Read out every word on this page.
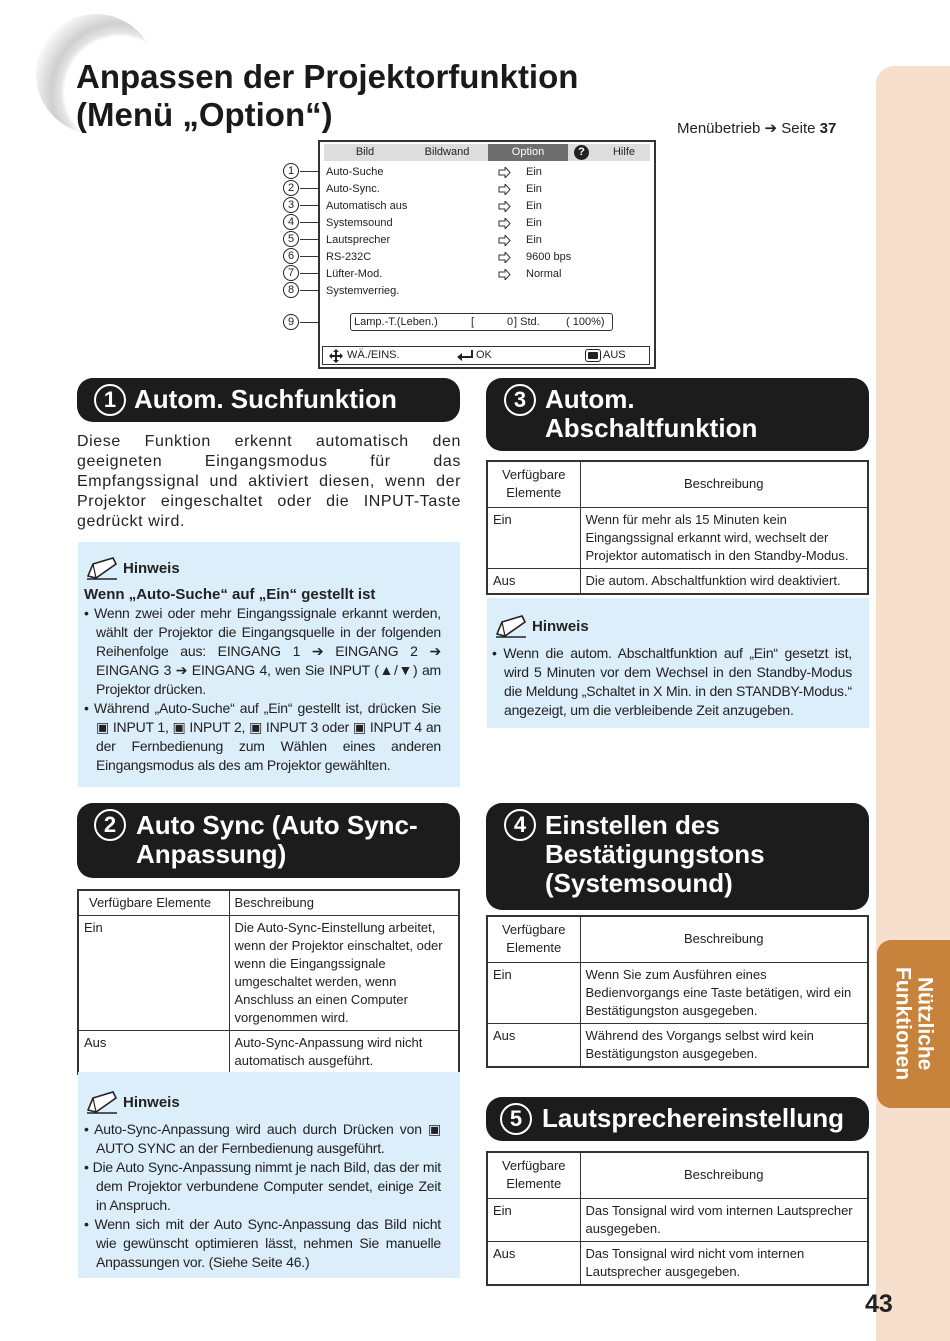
Nützliche
Funktionen
Anpassen der Projektorfunktion
(Menü „Option“)	Menübetrieb ➔ Seite 37
1
2
3
4
5
6
7
8
9
Bild	Bildwand	Option	?	Hilfe
Auto-Suche	Ein
Auto-Sync.	Ein
Automatisch aus	Ein
Systemsound	Ein
Lautsprecher	Ein
RS-232C	9600 bps
Lüfter-Mod.	Normal
Systemverrieg.
Lamp.-T.(Leben.)	[	0 ] Std. ( 100%)
WÄ./EINS.	OK	AUS
1 Autom. Suchfunktion
Diese Funktion erkennt automatisch den geeigneten Eingangsmodus für das Empfangssignal und aktiviert diesen, wenn der Projektor eingeschaltet oder die INPUT-Taste gedrückt wird.
Hinweis
Wenn „Auto-Suche“ auf „Ein“ gestellt ist
• Wenn zwei oder mehr Eingangssignale erkannt werden, wählt der Projektor die Eingangsquelle in der folgenden Reihenfolge aus: EINGANG 1 ➔ EINGANG 2 ➔ EINGANG 3 ➔ EINGANG 4, wen Sie INPUT (▲/▼) am Projektor drücken.
• Während „Auto-Suche“ auf „Ein“ gestellt ist, drücken Sie ▣ INPUT 1, ▣ INPUT 2, ▣ INPUT 3 oder ▣ INPUT 4 an der Fernbedienung zum Wählen eines anderen Eingangsmodus als des am Projektor gewählten.
2 Auto Sync (Auto Sync-
Anpassung)
Verfügbare Elemente	Beschreibung
Ein	Die Auto-Sync-Einstellung arbeitet, wenn der Projektor einschaltet, oder wenn die Eingangssignale umgeschaltet werden, wenn Anschluss an einen Computer vorgenommen wird.
Aus	Auto-Sync-Anpassung wird nicht automatisch ausgeführt.
Hinweis
• Auto-Sync-Anpassung wird auch durch Drücken von ▣ AUTO SYNC an der Fernbedienung ausgeführt.
• Die Auto Sync-Anpassung nimmt je nach Bild, das der mit dem Projektor verbundene Computer sendet, einige Zeit in Anspruch.
• Wenn sich mit der Auto Sync-Anpassung das Bild nicht wie gewünscht optimieren lässt, nehmen Sie manuelle Anpassungen vor. (Siehe Seite 46.)
3 Autom.
Abschaltfunktion
Verfügbare
Elemente	Beschreibung
Ein	Wenn für mehr als 15 Minuten kein Eingangssignal erkannt wird, wechselt der Projektor automatisch in den Standby-Modus.
Aus	Die autom. Abschaltfunktion wird deaktiviert.
Hinweis
• Wenn die autom. Abschaltfunktion auf „Ein“ gesetzt ist, wird 5 Minuten vor dem Wechsel in den Standby-Modus die Meldung „Schaltet in X Min. in den STANDBY-Modus.“ angezeigt, um die verbleibende Zeit anzugeben.
4 Einstellen des
Bestätigungstons
(Systemsound)
Verfügbare
Elemente	Beschreibung
Ein	Wenn Sie zum Ausführen eines Bedienvorgangs eine Taste betätigen, wird ein Bestätigungston ausgegeben.
Aus	Während des Vorgangs selbst wird kein Bestätigungston ausgegeben.
5 Lautsprechereinstellung
Verfügbare
Elemente	Beschreibung
Ein	Das Tonsignal wird vom internen Lautsprecher ausgegeben.
Aus	Das Tonsignal wird nicht vom internen Lautsprecher ausgegeben.
43
